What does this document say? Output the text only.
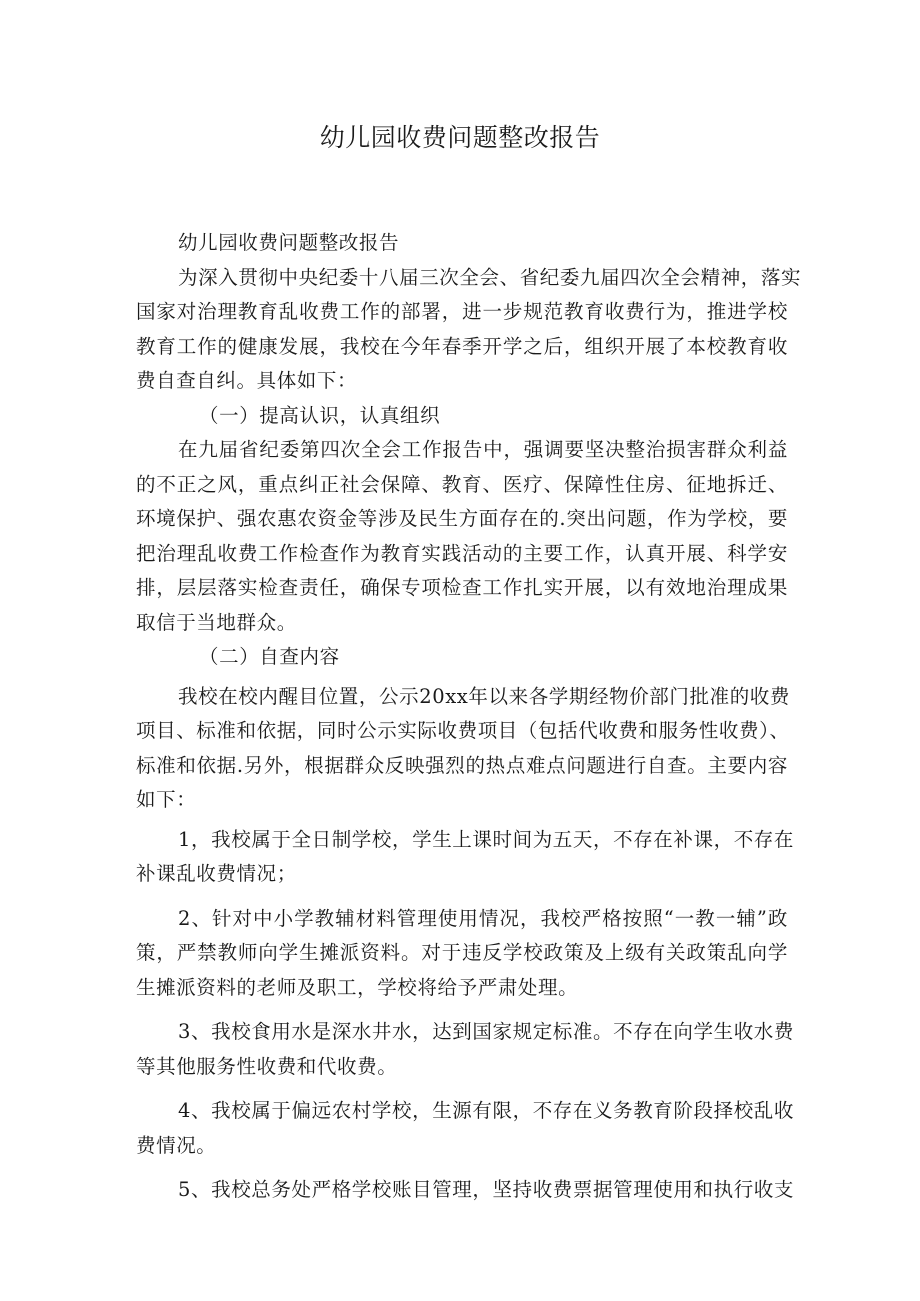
幼儿园收费问题整改报告
幼儿园收费问题整改报告
为深入贯彻中央纪委十八届三次全会、省纪委九届四次全会精神，落实
国家对治理教育乱收费工作的部署，进一步规范教育收费行为，推进学校
教育工作的健康发展，我校在今年春季开学之后，组织开展了本校教育收
费自查自纠。具体如下：
（一）提高认识，认真组织
在九届省纪委第四次全会工作报告中，强调要坚决整治损害群众利益
的不正之风，重点纠正社会保障、教育、医疗、保障性住房、征地拆迁、
环境保护、强农惠农资金等涉及民生方面存在的.突出问题，作为学校，要
把治理乱收费工作检查作为教育实践活动的主要工作，认真开展、科学安
排，层层落实检查责任，确保专项检查工作扎实开展，以有效地治理成果
取信于当地群众。
（二）自查内容
我校在校内醒目位置，公示20xx年以来各学期经物价部门批准的收费
项目、标准和依据，同时公示实际收费项目（包括代收费和服务性收费）、
标准和依据.另外，根据群众反映强烈的热点难点问题进行自查。主要内容
如下：
1，我校属于全日制学校，学生上课时间为五天，不存在补课，不存在
补课乱收费情况；
2、针对中小学教辅材料管理使用情况，我校严格按照“一教一辅”政
策，严禁教师向学生摊派资料。对于违反学校政策及上级有关政策乱向学
生摊派资料的老师及职工，学校将给予严肃处理。
3、我校食用水是深水井水，达到国家规定标准。不存在向学生收水费
等其他服务性收费和代收费。
4、我校属于偏远农村学校，生源有限，不存在义务教育阶段择校乱收
费情况。
5、我校总务处严格学校账目管理，坚持收费票据管理使用和执行收支
